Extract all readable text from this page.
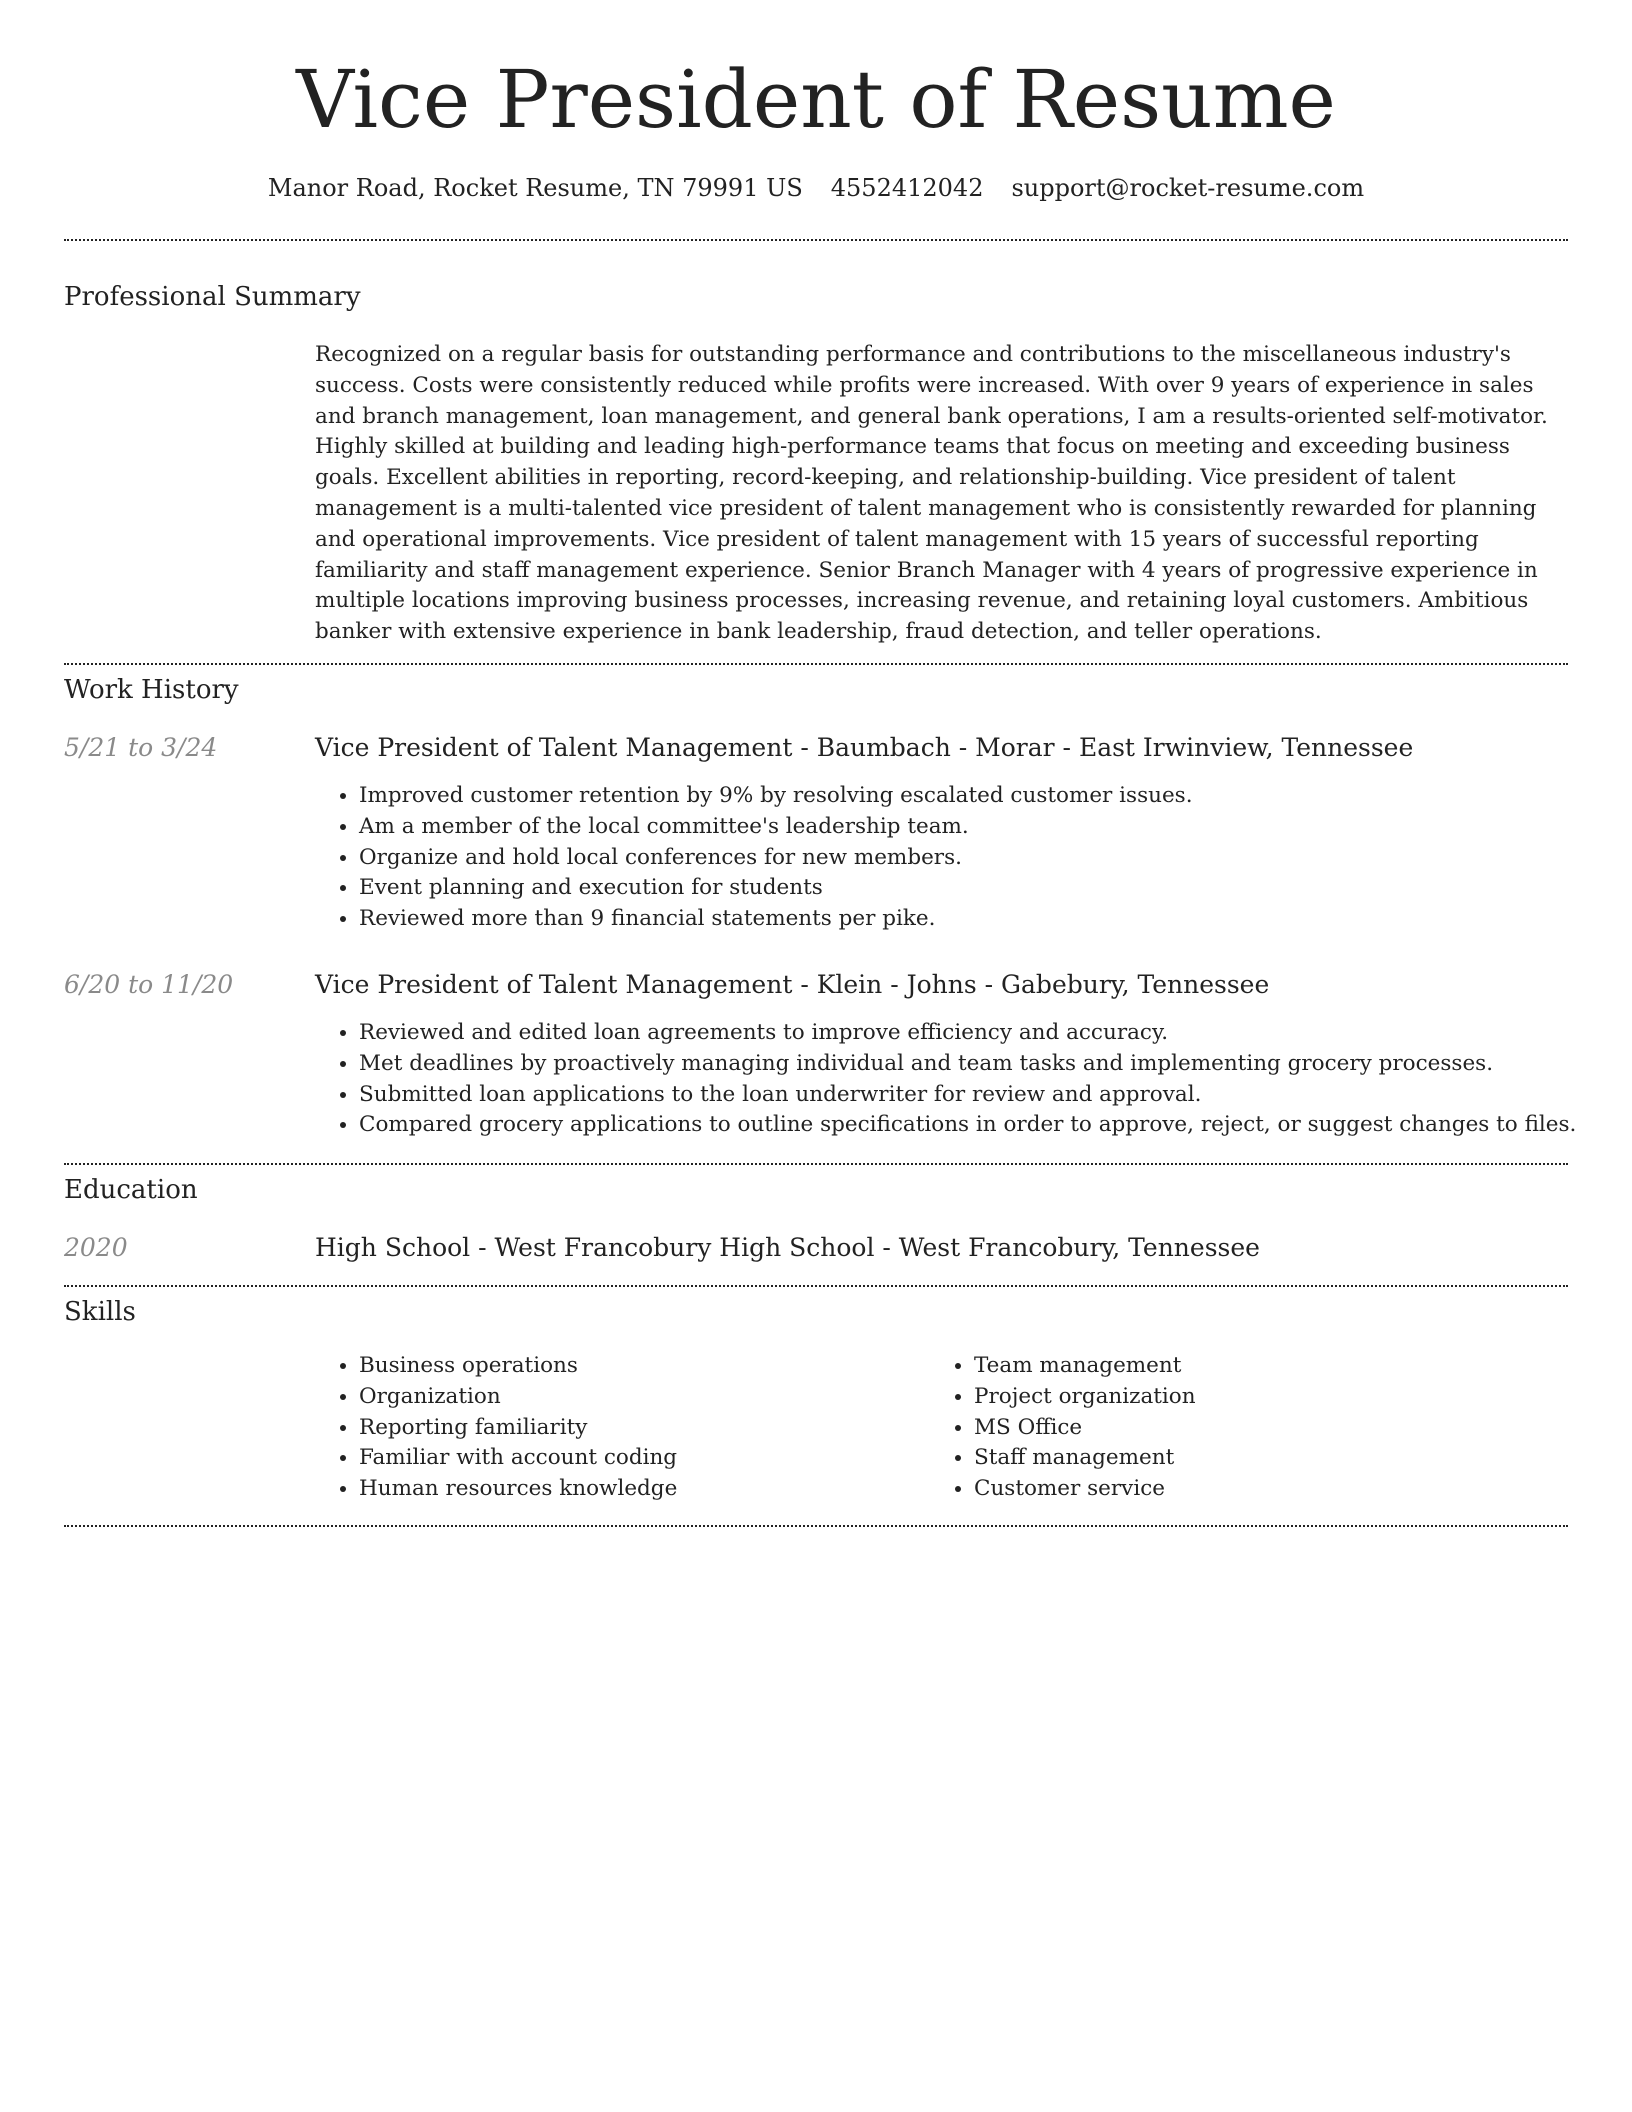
Vice President of Resume
Manor Road, Rocket Resume, TN 79991 US 4552412042 support@rocket-resume.com
Professional Summary

Recognized on a regular basis for outstanding performance and contributions to the miscellaneous industry's success. Costs were consistently reduced while profits were increased. With over 9 years of experience in sales and branch management, loan management, and general bank operations, I am a results-oriented self-motivator. Highly skilled at building and leading high-performance teams that focus on meeting and exceeding business goals. Excellent abilities in reporting, record-keeping, and relationship-building. Vice president of talent management is a multi-talented vice president of talent management who is consistently rewarded for planning and operational improvements. Vice president of talent management with 15 years of successful reporting familiarity and staff management experience. Senior Branch Manager with 4 years of progressive experience in multiple locations improving business processes, increasing revenue, and retaining loyal customers. Ambitious banker with extensive experience in bank leadership, fraud detection, and teller operations.

Work History
5/21 to 3/24	Vice President of Talent Management - Baumbach - Morar - East Irwinview, Tennessee
• Improved customer retention by 9% by resolving escalated customer issues.
• Am a member of the local committee's leadership team.
• Organize and hold local conferences for new members.
• Event planning and execution for students
• Reviewed more than 9 financial statements per pike.
6/20 to 11/20	Vice President of Talent Management - Klein - Johns - Gabebury, Tennessee
• Reviewed and edited loan agreements to improve efficiency and accuracy.
• Met deadlines by proactively managing individual and team tasks and implementing grocery processes.
• Submitted loan applications to the loan underwriter for review and approval.
• Compared grocery applications to outline specifications in order to approve, reject, or suggest changes to files.
Education
2020	High School - West Francobury High School - West Francobury, Tennessee
Skills
• Business operations
• Organization
• Reporting familiarity
• Familiar with account coding
• Human resources knowledge
• Team management
• Project organization
• MS Office
• Staff management
• Customer service
